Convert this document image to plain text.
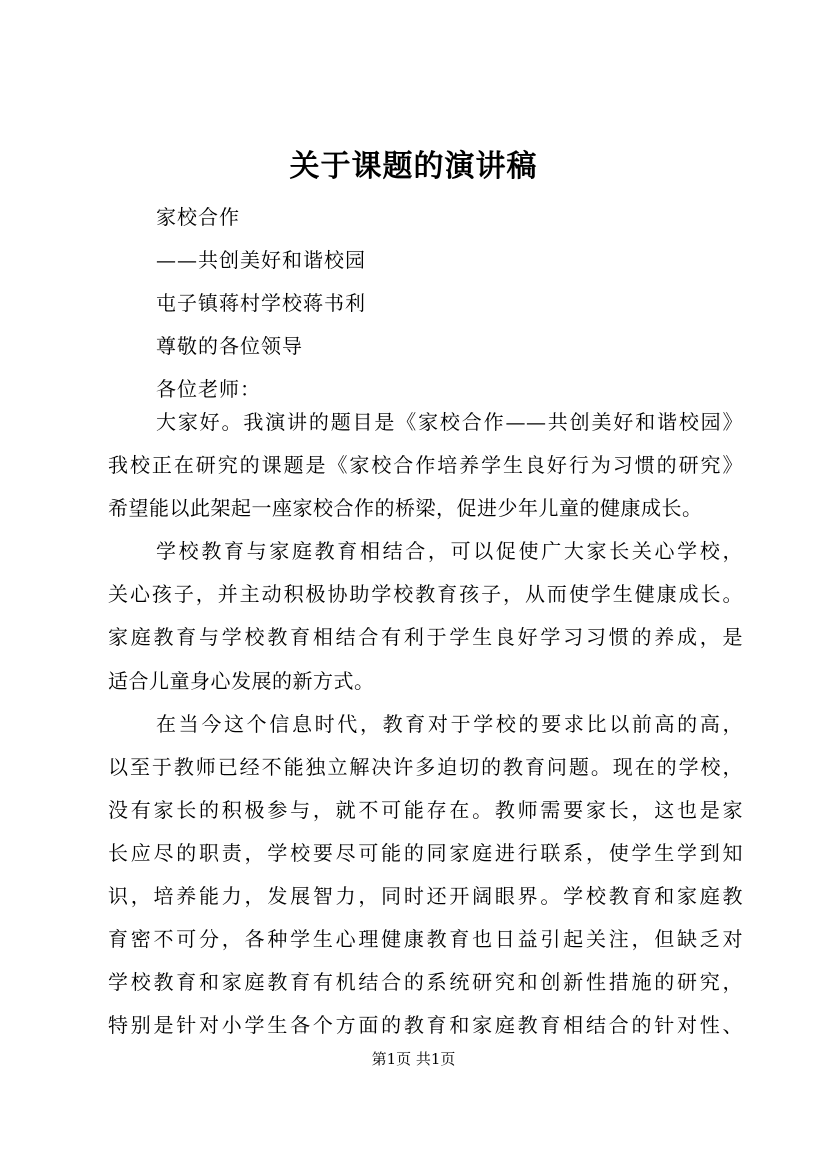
关于课题的演讲稿
家校合作
——共创美好和谐校园
屯子镇蒋村学校蒋书利
尊敬的各位领导
各位老师：
大家好。我演讲的题目是《家校合作——共创美好和谐校园》
我校正在研究的课题是《家校合作培养学生良好行为习惯的研究》
希望能以此架起一座家校合作的桥梁，促进少年儿童的健康成长。
学校教育与家庭教育相结合，可以促使广大家长关心学校，
关心孩子，并主动积极协助学校教育孩子，从而使学生健康成长。
家庭教育与学校教育相结合有利于学生良好学习习惯的养成，是
适合儿童身心发展的新方式。
在当今这个信息时代，教育对于学校的要求比以前高的高，
以至于教师已经不能独立解决许多迫切的教育问题。现在的学校，
没有家长的积极参与，就不可能存在。教师需要家长，这也是家
长应尽的职责，学校要尽可能的同家庭进行联系，使学生学到知
识，培养能力，发展智力，同时还开阔眼界。学校教育和家庭教
育密不可分，各种学生心理健康教育也日益引起关注，但缺乏对
学校教育和家庭教育有机结合的系统研究和创新性措施的研究，
特别是针对小学生各个方面的教育和家庭教育相结合的针对性、
第1页 共1页
